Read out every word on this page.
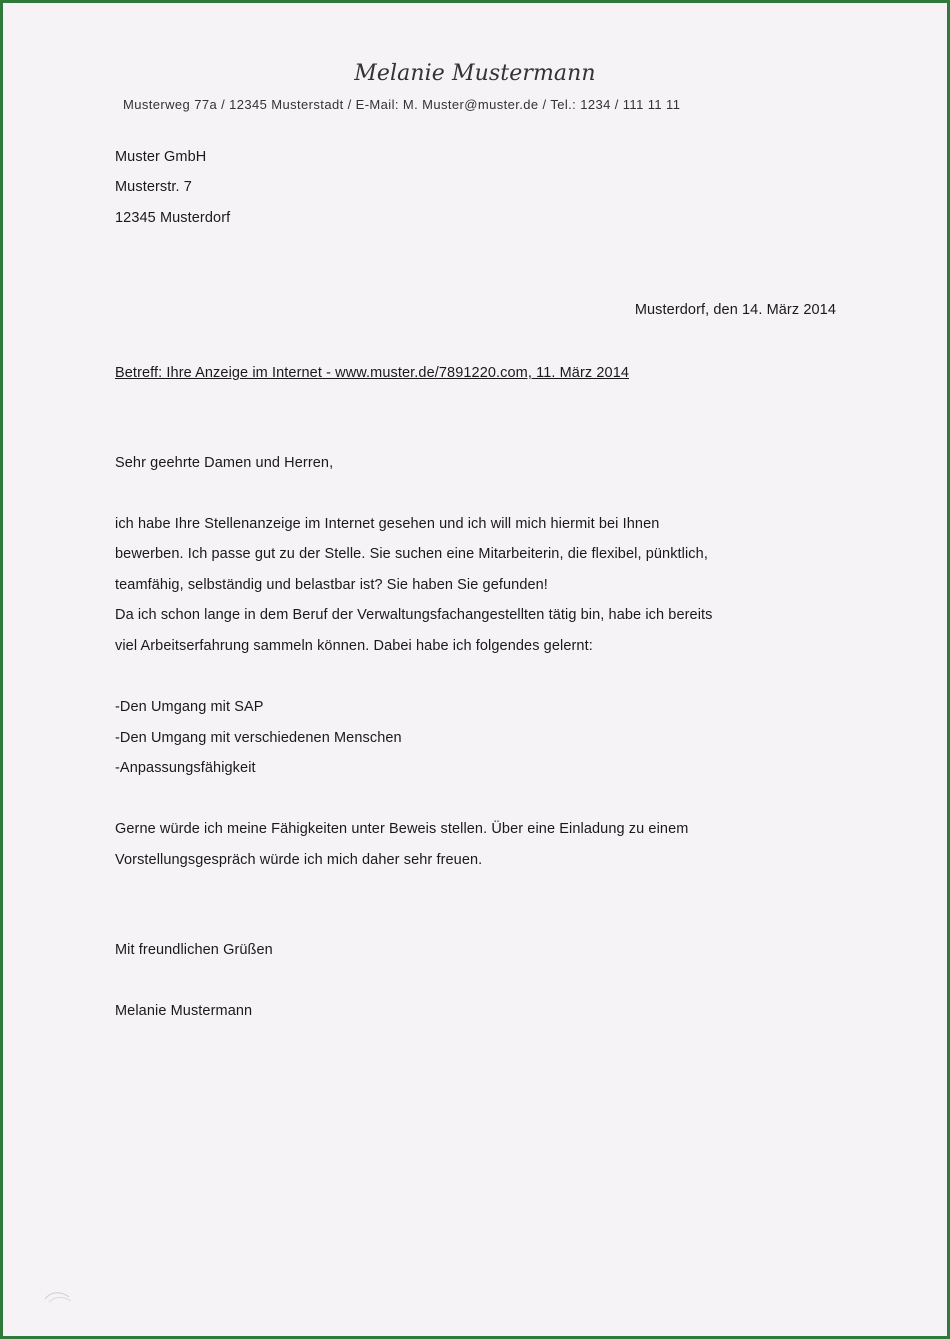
Melanie Mustermann
Musterweg 77a / 12345 Musterstadt / E-Mail: M. Muster@muster.de / Tel.: 1234 / 111 11 11
Muster GmbH
Musterstr. 7
12345 Musterdorf
Musterdorf, den 14. März 2014
Betreff: Ihre Anzeige im Internet - www.muster.de/7891220.com, 11. März 2014
Sehr geehrte Damen und Herren,
ich habe Ihre Stellenanzeige im Internet gesehen und ich will mich hiermit bei Ihnen
bewerben. Ich passe gut zu der Stelle. Sie suchen eine Mitarbeiterin, die flexibel, pünktlich,
teamfähig, selbständig und belastbar ist? Sie haben Sie gefunden!
Da ich schon lange in dem Beruf der Verwaltungsfachangestellten tätig bin, habe ich bereits
viel Arbeitserfahrung sammeln können. Dabei habe ich folgendes gelernt:
-Den Umgang mit SAP
-Den Umgang mit verschiedenen Menschen
-Anpassungsfähigkeit
Gerne würde ich meine Fähigkeiten unter Beweis stellen. Über eine Einladung zu einem
Vorstellungsgespräch würde ich mich daher sehr freuen.
Mit freundlichen Grüßen
Melanie Mustermann
